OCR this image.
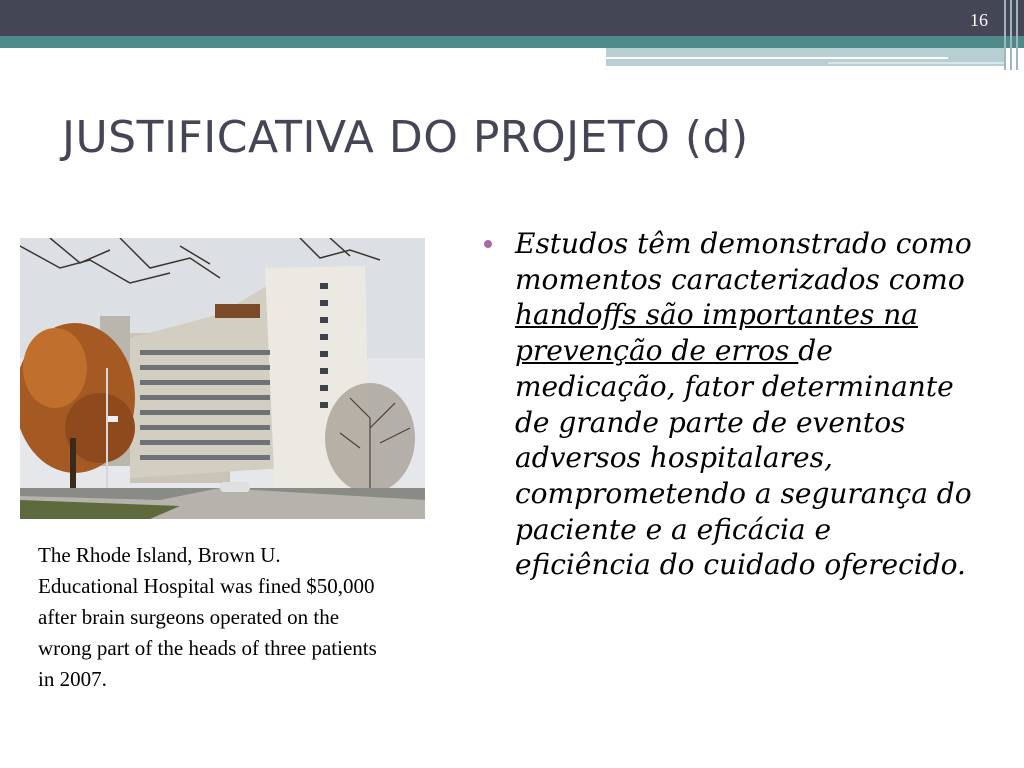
16
JUSTIFICATIVA DO PROJETO (d)
The Rhode Island, Brown U. Educational Hospital was fined $50,000 after brain surgeons operated on the wrong part of the heads of three patients in 2007.
Estudos têm demonstrado como momentos caracterizados como handoffs são importantes na prevenção de erros de medicação, fator determinante de grande parte de eventos adversos hospitalares, comprometendo a segurança do paciente e a eficácia e eficiência do cuidado oferecido.
